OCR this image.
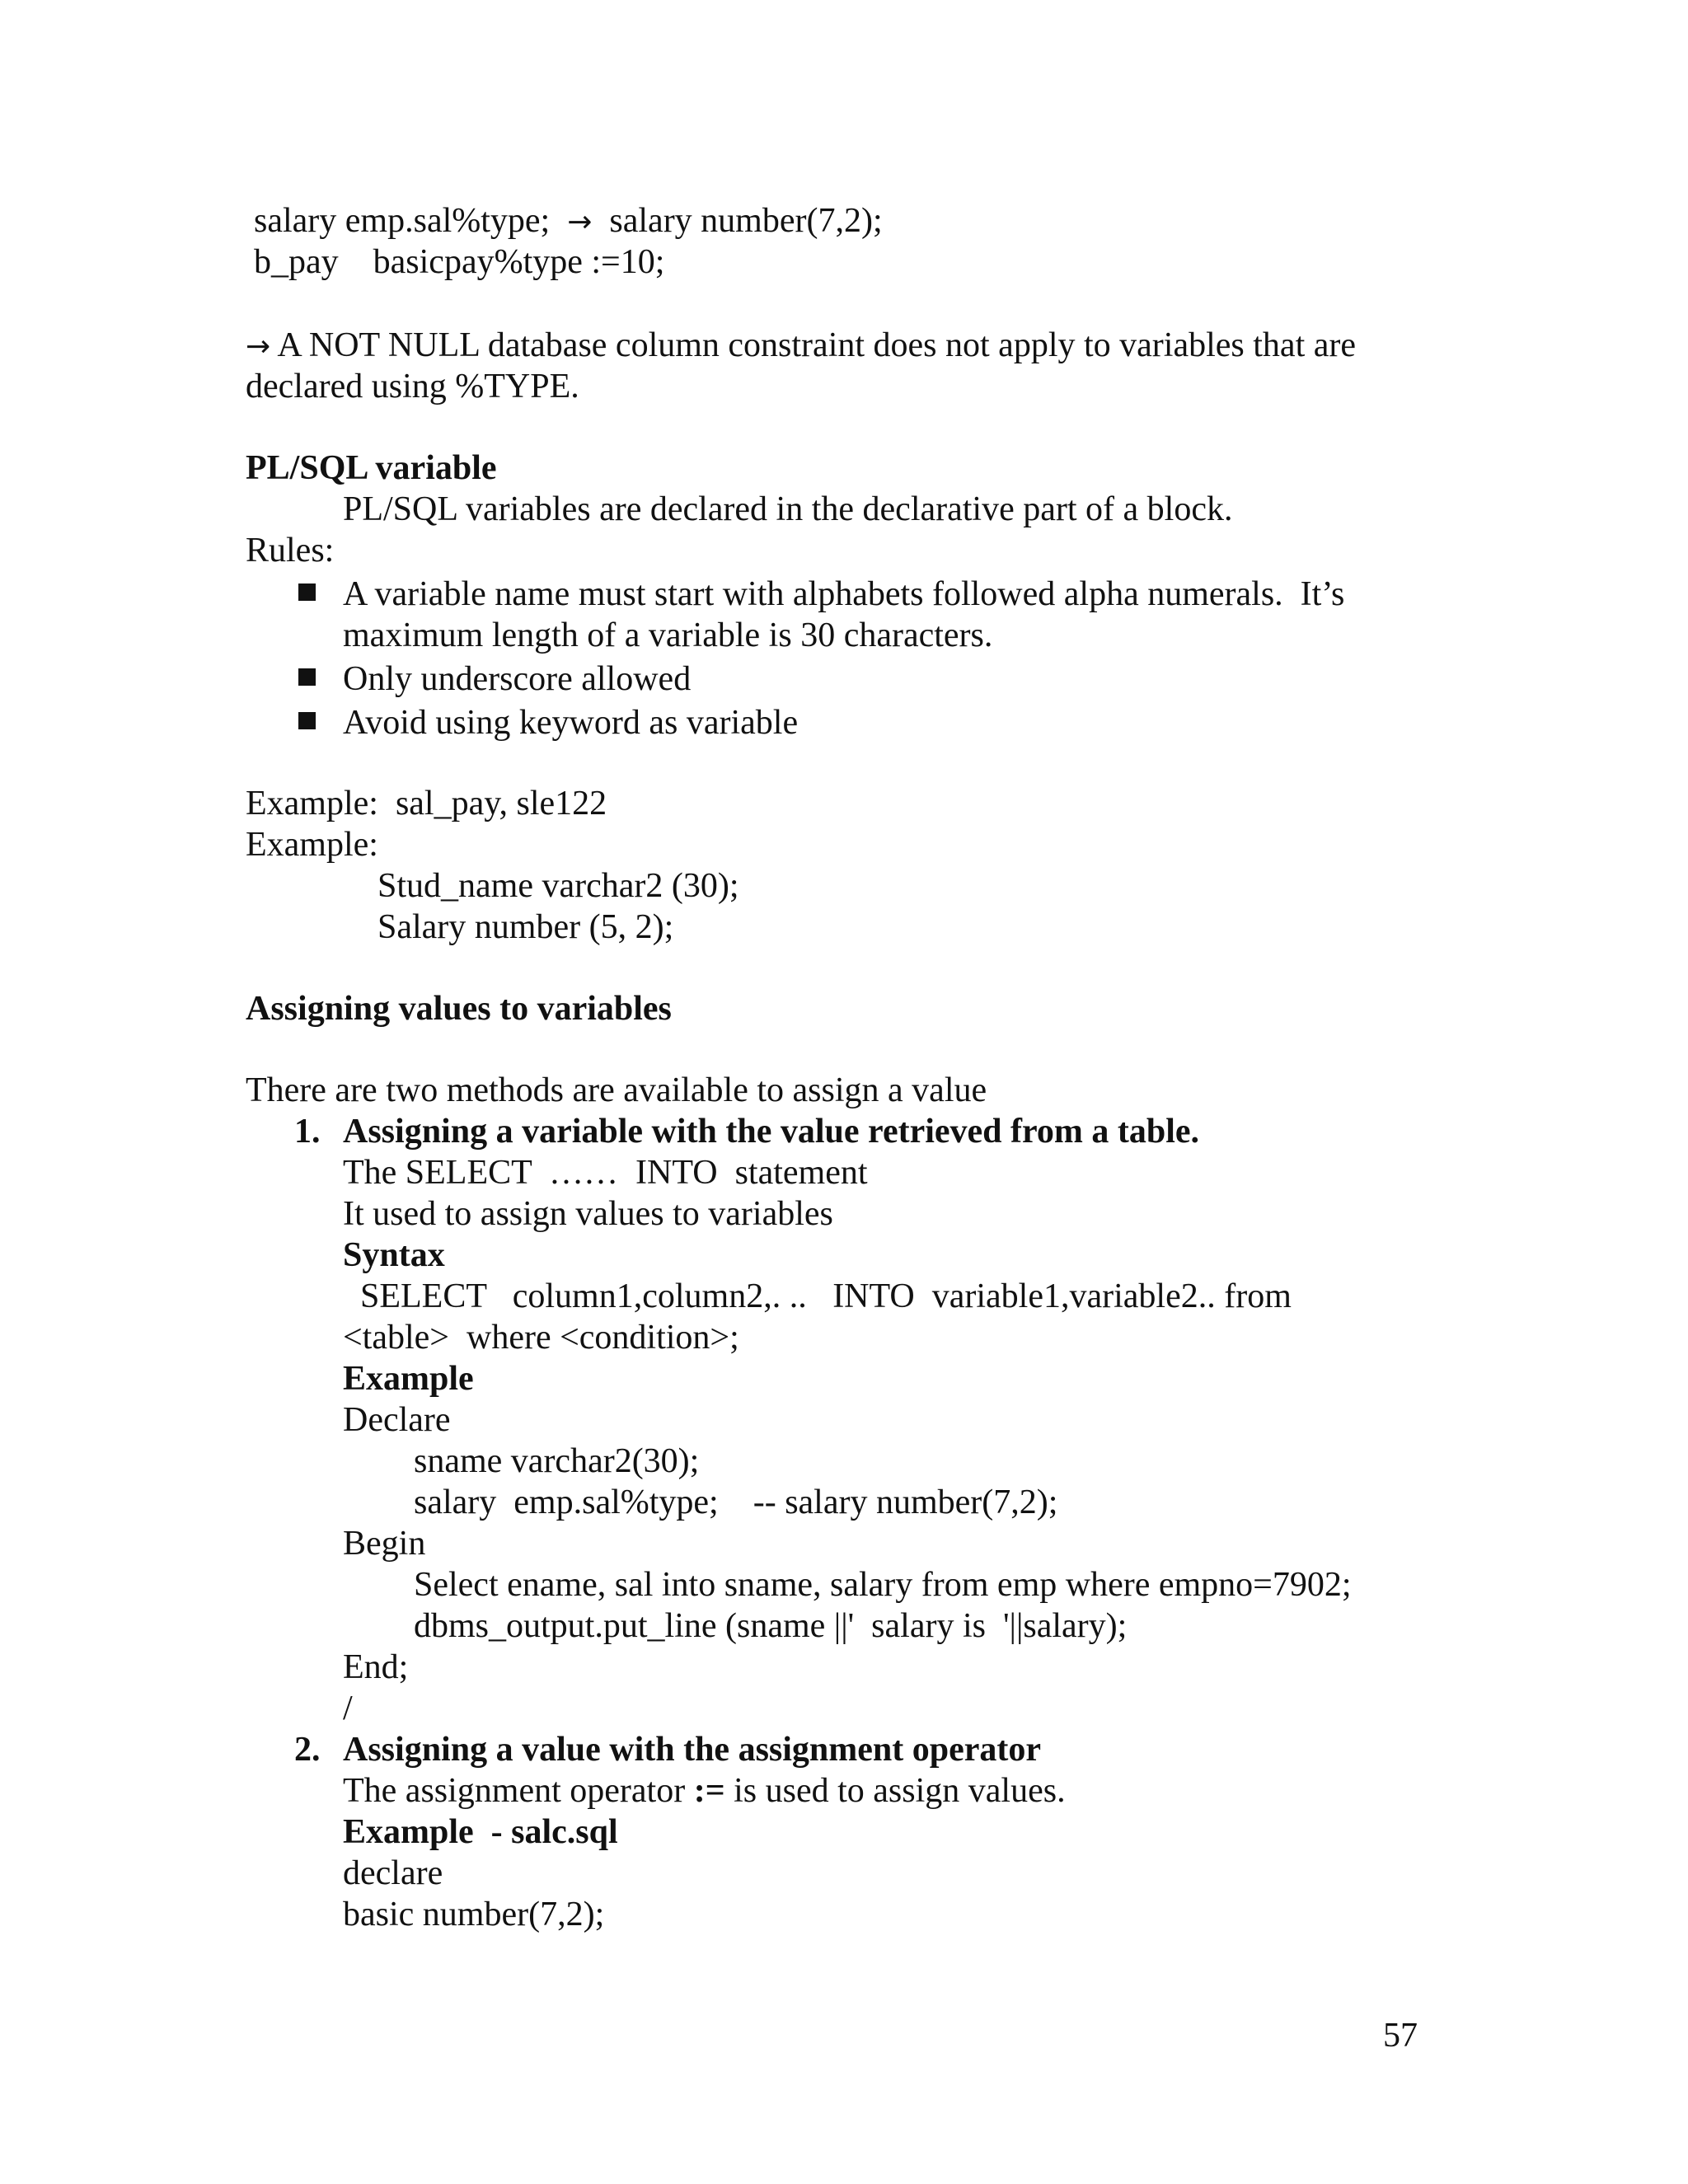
salary emp.sal%type; → salary number(7,2);

b_pay    basicpay%type :=10;

→ A NOT NULL database column constraint does not apply to variables that are

declared using %TYPE.

PL/SQL variable

PL/SQL variables are declared in the declarative part of a block.

Rules:

A variable name must start with alphabets followed alpha numerals.  It’s

maximum length of a variable is 30 characters.

Only underscore allowed

Avoid using keyword as variable

Example:  sal_pay, sle122

Example:

Stud_name varchar2 (30);

Salary number (5, 2);

Assigning values to variables

There are two methods are available to assign a value

1. Assigning a variable with the value retrieved from a table.

The SELECT  ……  INTO  statement

It used to assign values to variables

Syntax

SELECT   column1,column2,. ..   INTO  variable1,variable2.. from

<table>  where <condition>;

Example

Declare

sname varchar2(30);

salary  emp.sal%type;    -- salary number(7,2);

Begin

Select ename, sal into sname, salary from emp where empno=7902;

dbms_output.put_line (sname ||'  salary is  '||salary);

End;

/

2. Assigning a value with the assignment operator

The assignment operator := is used to assign values.

Example  - salc.sql

declare

basic number(7,2);

57
